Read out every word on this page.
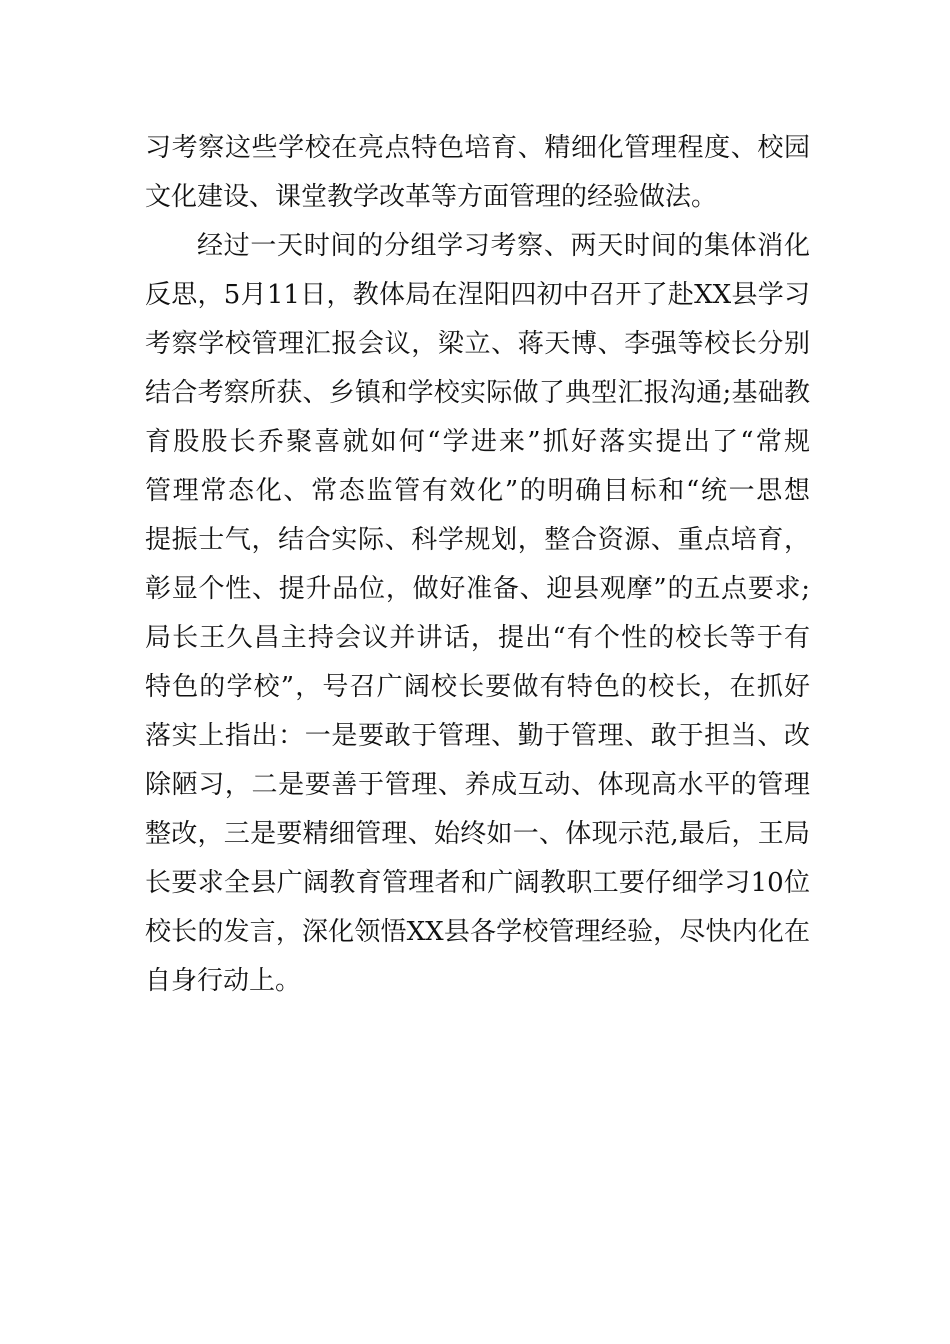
习考察这些学校在亮点特色培育、精细化管理程度、校园
文化建设、课堂教学改革等方面管理的经验做法。
经过一天时间的分组学习考察、两天时间的集体消化
反思，5月11日，教体局在涅阳四初中召开了赴XX县学习
考察学校管理汇报会议，梁立、蒋天博、李强等校长分别
结合考察所获、乡镇和学校实际做了典型汇报沟通;基础教
育股股长乔聚喜就如何“学进来”抓好落实提出了“常规
管理常态化、常态监管有效化”的明确目标和“统一思想
提振士气，结合实际、科学规划，整合资源、重点培育，
彰显个性、提升品位，做好准备、迎县观摩”的五点要求;
局长王久昌主持会议并讲话，提出“有个性的校长等于有
特色的学校”，号召广阔校长要做有特色的校长，在抓好
落实上指出：一是要敢于管理、勤于管理、敢于担当、改
除陋习，二是要善于管理、养成互动、体现高水平的管理
整改，三是要精细管理、始终如一、体现示范,最后，王局
长要求全县广阔教育管理者和广阔教职工要仔细学习10位
校长的发言，深化领悟XX县各学校管理经验，尽快内化在
自身行动上。
